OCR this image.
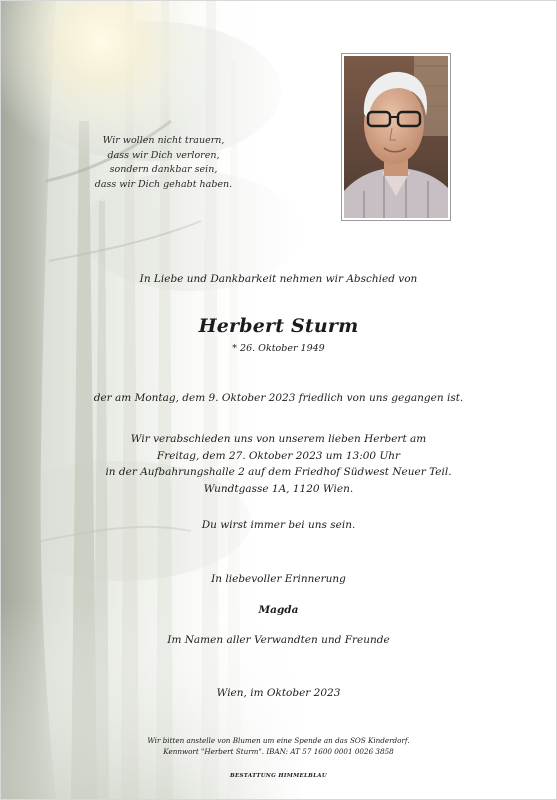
Wir wollen nicht trauern,
dass wir Dich verloren,
sondern dankbar sein,
dass wir Dich gehabt haben.
In Liebe und Dankbarkeit nehmen wir Abschied von
Herbert Sturm
* 26. Oktober 1949
der am Montag, dem 9. Oktober 2023 friedlich von uns gegangen ist.
Wir verabschieden uns von unserem lieben Herbert am
Freitag, dem 27. Oktober 2023 um 13:00 Uhr
in der Aufbahrungshalle 2 auf dem Friedhof Südwest Neuer Teil.
Wundtgasse 1A, 1120 Wien.
Du wirst immer bei uns sein.
In liebevoller Erinnerung
Magda
Im Namen aller Verwandten und Freunde
Wien, im Oktober 2023
Wir bitten anstelle von Blumen um eine Spende an das SOS Kinderdorf.
Kennwort "Herbert Sturm". IBAN: AT 57 1600 0001 0026 3858
BESTATTUNG HIMMELBLAU
